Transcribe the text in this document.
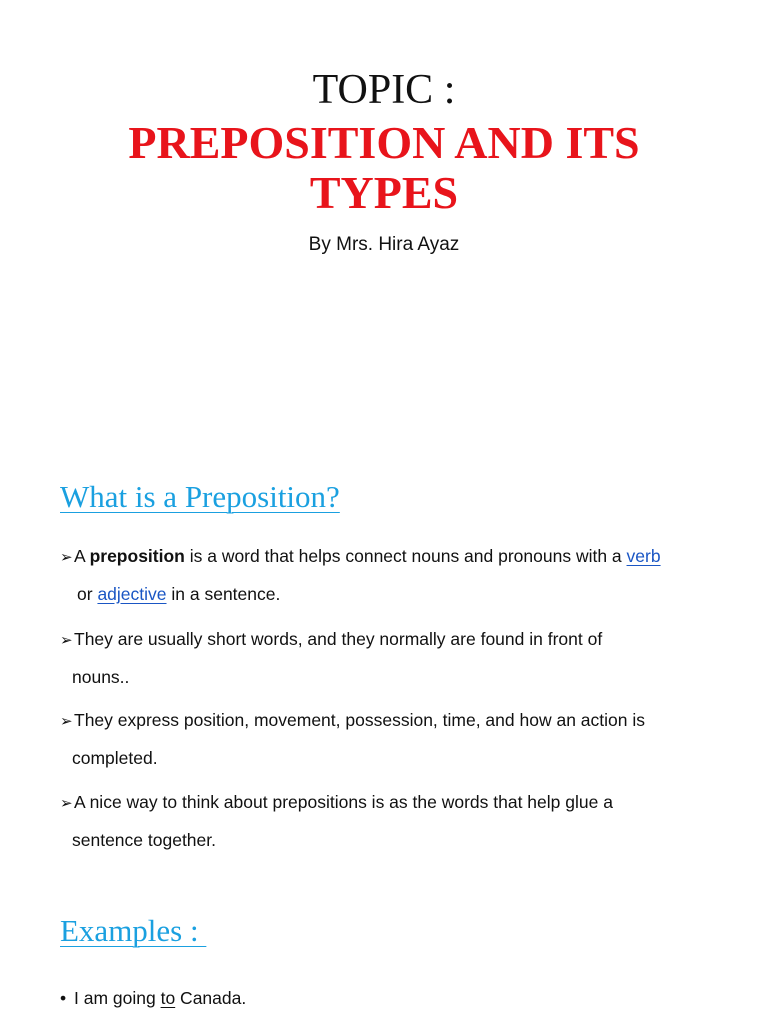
TOPIC :
PREPOSITION AND ITS
TYPES
By Mrs. Hira Ayaz
What is a Preposition?
➢A preposition is a word that helps connect nouns and pronouns with a verb
or adjective in a sentence.
➢They are usually short words, and they normally are found in front of
nouns..
➢They express position, movement, possession, time, and how an action is
completed.
➢A nice way to think about prepositions is as the words that help glue a
sentence together.
Examples :
• I am going to Canada.
